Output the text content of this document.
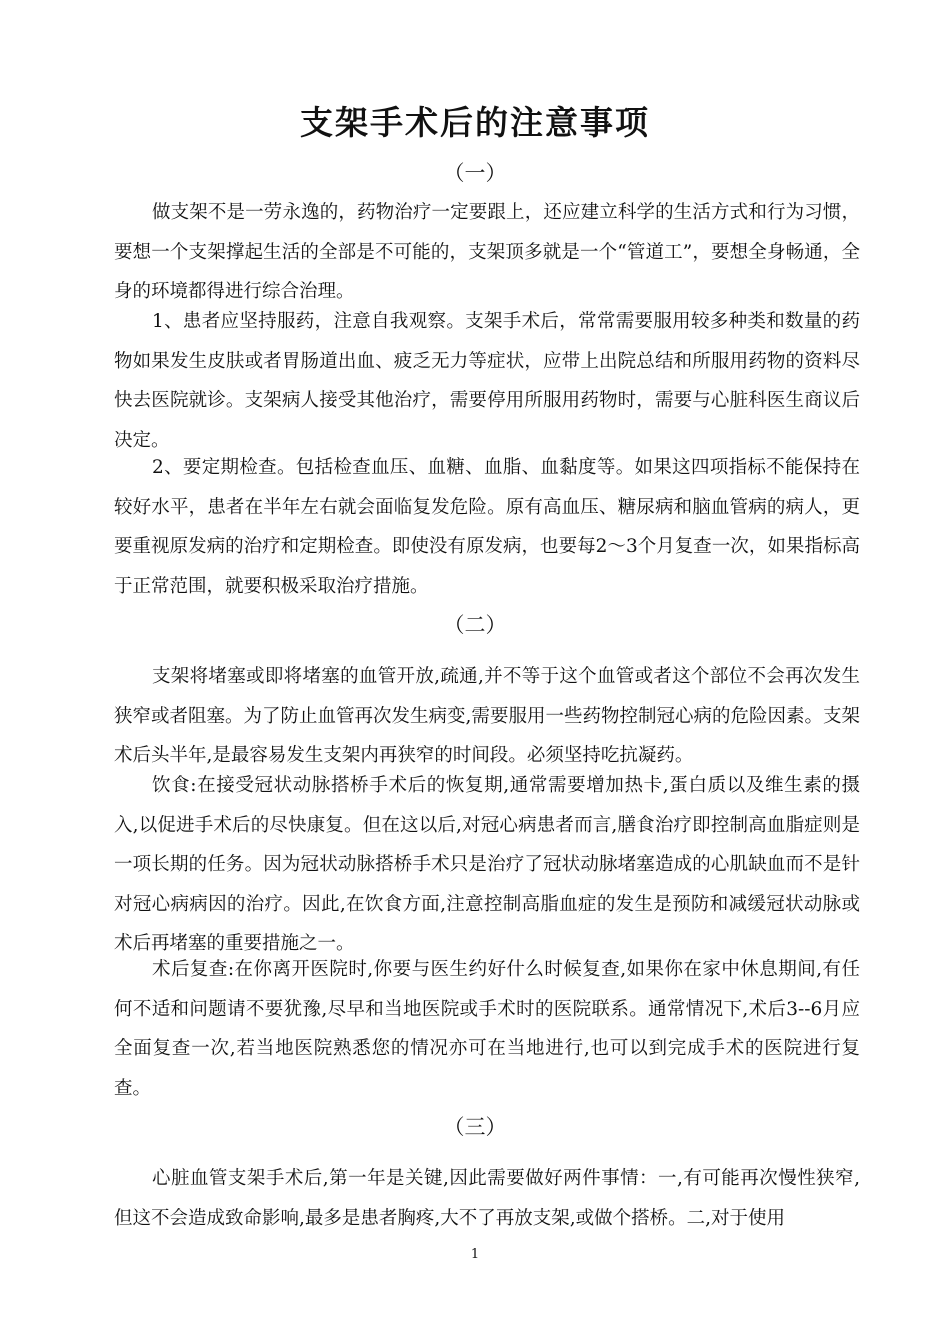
支架手术后的注意事项
（一）

做支架不是一劳永逸的，药物治疗一定要跟上，还应建立科学的生活方式和行为习惯，要想一个支架撑起生活的全部是不可能的，支架顶多就是一个“管道工”，要想全身畅通，全身的环境都得进行综合治理。

1、患者应坚持服药，注意自我观察。支架手术后，常常需要服用较多种类和数量的药物如果发生皮肤或者胃肠道出血、疲乏无力等症状，应带上出院总结和所服用药物的资料尽快去医院就诊。支架病人接受其他治疗，需要停用所服用药物时，需要与心脏科医生商议后决定。

2、要定期检查。包括检查血压、血糖、血脂、血黏度等。如果这四项指标不能保持在较好水平，患者在半年左右就会面临复发危险。原有高血压、糖尿病和脑血管病的病人，更要重视原发病的治疗和定期检查。即使没有原发病，也要每2～3个月复查一次，如果指标高于正常范围，就要积极采取治疗措施。

（二）

支架将堵塞或即将堵塞的血管开放,疏通,并不等于这个血管或者这个部位不会再次发生狭窄或者阻塞。为了防止血管再次发生病变,需要服用一些药物控制冠心病的危险因素。支架术后头半年,是最容易发生支架内再狭窄的时间段。必须坚持吃抗凝药。

饮食:在接受冠状动脉搭桥手术后的恢复期,通常需要增加热卡,蛋白质以及维生素的摄入,以促进手术后的尽快康复。但在这以后,对冠心病患者而言,膳食治疗即控制高血脂症则是一项长期的任务。因为冠状动脉搭桥手术只是治疗了冠状动脉堵塞造成的心肌缺血而不是针对冠心病病因的治疗。因此,在饮食方面,注意控制高脂血症的发生是预防和减缓冠状动脉或术后再堵塞的重要措施之一。

术后复查:在你离开医院时,你要与医生约好什么时候复查,如果你在家中休息期间,有任何不适和问题请不要犹豫,尽早和当地医院或手术时的医院联系。通常情况下,术后3--6月应全面复查一次,若当地医院熟悉您的情况亦可在当地进行,也可以到完成手术的医院进行复查。

（三）

心脏血管支架手术后,第一年是关键,因此需要做好两件事情：一,有可能再次慢性狭窄,但这不会造成致命影响,最多是患者胸疼,大不了再放支架,或做个搭桥。二,对于使用

1
